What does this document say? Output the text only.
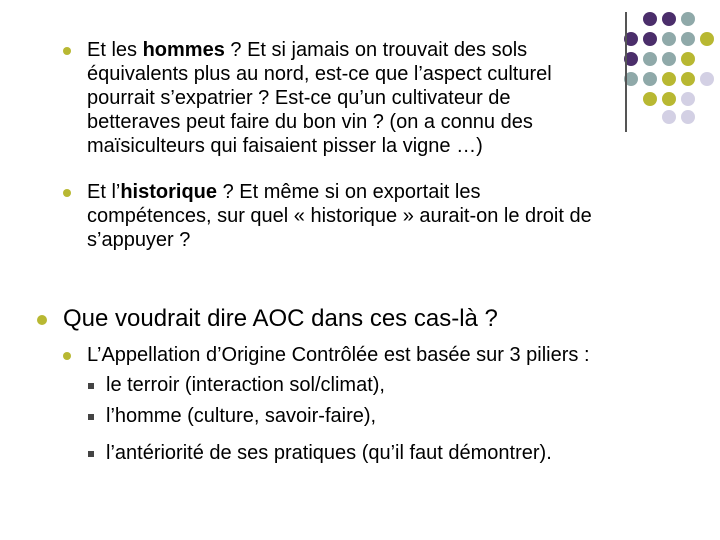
Et les hommes ? Et si jamais on trouvait des sols
équivalents plus au nord, est-ce que l’aspect culturel
pourrait s’expatrier ? Est-ce qu’un cultivateur de
betteraves peut faire du bon vin ? (on a connu des
maïsiculteurs qui faisaient pisser la vigne …)
Et l’historique ? Et même si on exportait les
compétences, sur quel « historique » aurait-on le droit de
s’appuyer ?
Que voudrait dire AOC dans ces cas-là ?
L’Appellation d’Origine Contrôlée est basée sur 3 piliers :
le terroir (interaction sol/climat),
l’homme (culture, savoir-faire),
l’antériorité de ses pratiques (qu’il faut démontrer).
